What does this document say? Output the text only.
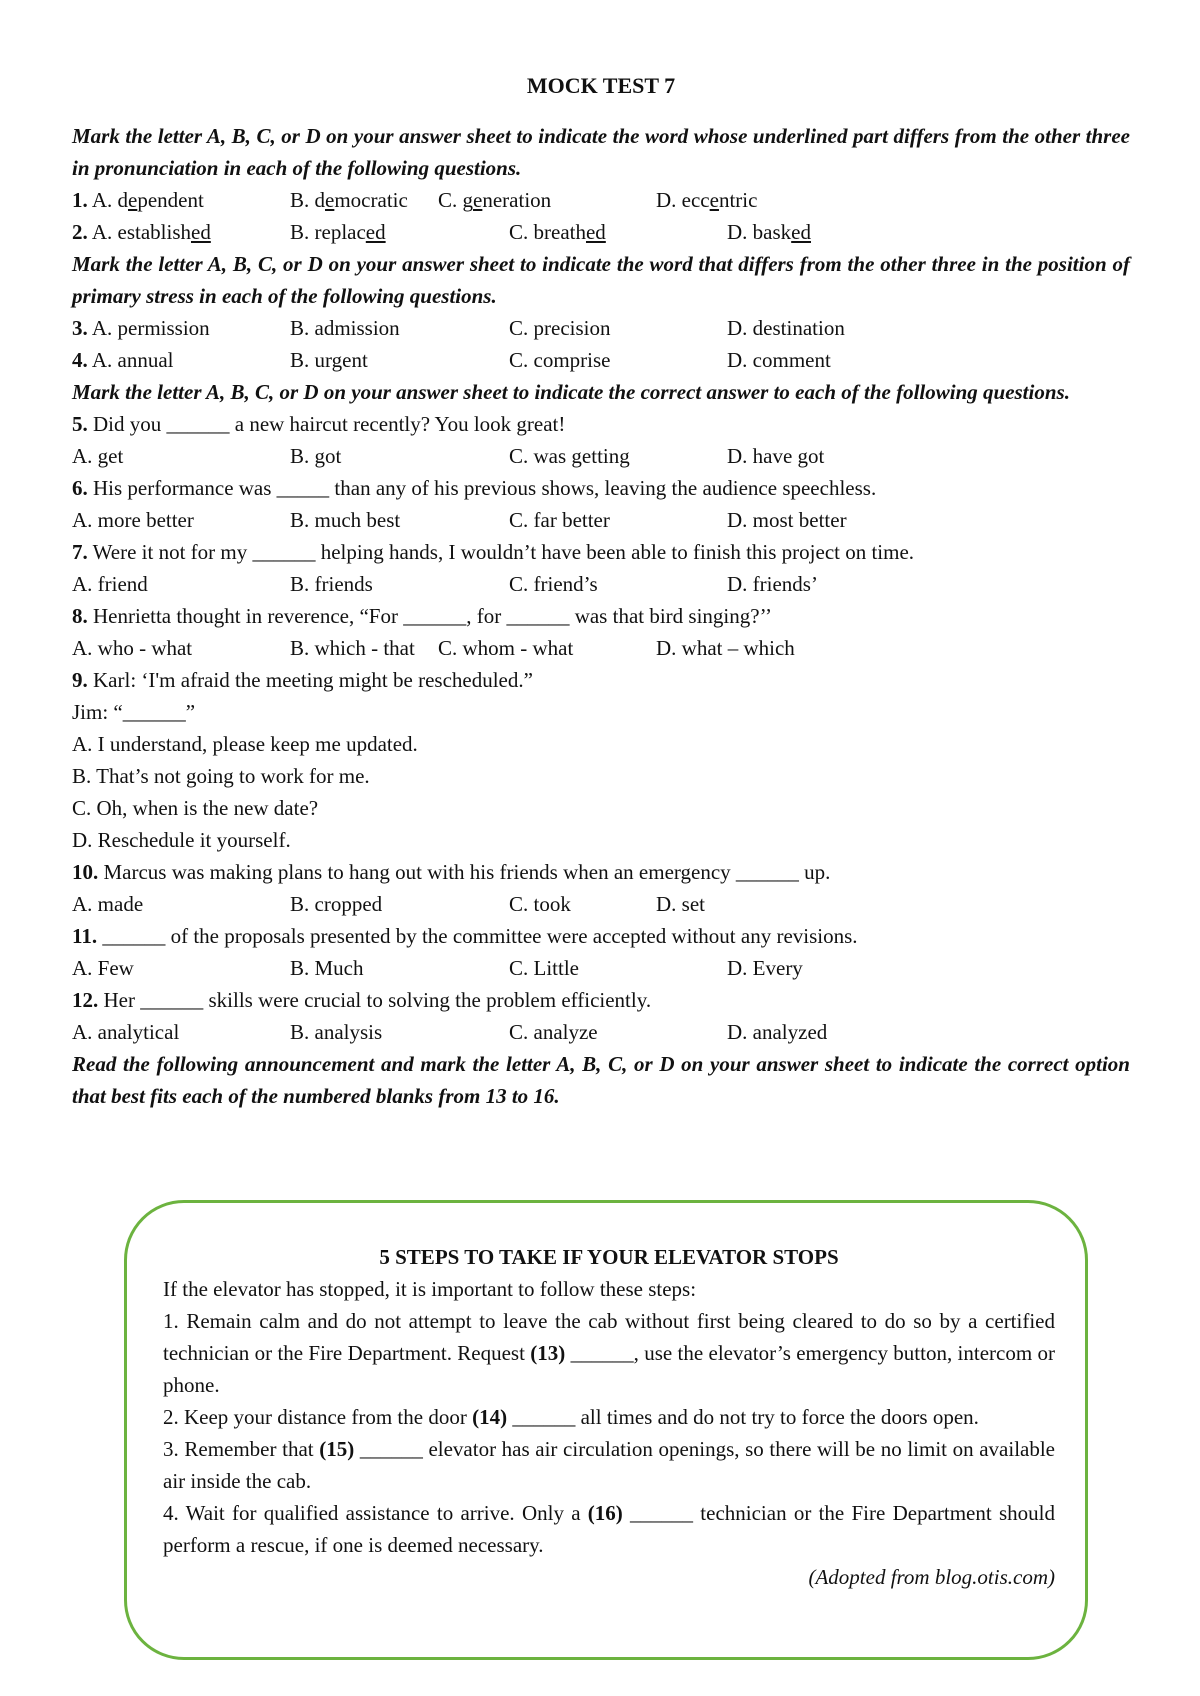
MOCK TEST 7
Mark the letter A, B, C, or D on your answer sheet to indicate the word whose underlined part differs from the other three in pronunciation in each of the following questions.
1. A. dependent	B. democratic C. generation	D. eccentric
2. A. established	B. replaced	C. breathed	D. basked
Mark the letter A, B, C, or D on your answer sheet to indicate the word that differs from the other three in the position of primary stress in each of the following questions.
3. A. permission	B. admission	C. precision	D. destination
4. A. annual	B. urgent	C. comprise	D. comment
Mark the letter A, B, C, or D on your answer sheet to indicate the correct answer to each of the following questions.
5. Did you ______ a new haircut recently? You look great!
A. get	B. got	C. was getting	D. have got
6. His performance was _____ than any of his previous shows, leaving the audience speechless.
A. more better	B. much best	C. far better	D. most better
7. Were it not for my ______ helping hands, I wouldn’t have been able to finish this project on time.
A. friend	B. friends	C. friend’s	D. friends’
8. Henrietta thought in reverence, “For ______, for ______ was that bird singing?’’
A. who - what	B. which - that C. whom - what	D. what – which
9. Karl: ‘I'm afraid the meeting might be rescheduled.”
Jim: “______”
A. I understand, please keep me updated.
B. That’s not going to work for me.
C. Oh, when is the new date?
D. Reschedule it yourself.
10. Marcus was making plans to hang out with his friends when an emergency ______ up.
A. made	B. cropped	C. took	D. set
11. ______ of the proposals presented by the committee were accepted without any revisions.
A. Few	B. Much	C. Little	D. Every
12. Her ______ skills were crucial to solving the problem efficiently.
A. analytical	B. analysis	C. analyze	D. analyzed
Read the following announcement and mark the letter A, B, C, or D on your answer sheet to indicate the correct option that best fits each of the numbered blanks from 13 to 16.
5 STEPS TO TAKE IF YOUR ELEVATOR STOPS
If the elevator has stopped, it is important to follow these steps:
1. Remain calm and do not attempt to leave the cab without first being cleared to do so by a certified technician or the Fire Department. Request (13) ______, use the elevator’s emergency button, intercom or phone.
2. Keep your distance from the door (14) ______ all times and do not try to force the doors open.
3. Remember that (15) ______ elevator has air circulation openings, so there will be no limit on available air inside the cab.
4. Wait for qualified assistance to arrive. Only a (16) ______ technician or the Fire Department should perform a rescue, if one is deemed necessary.
(Adopted from blog.otis.com)
